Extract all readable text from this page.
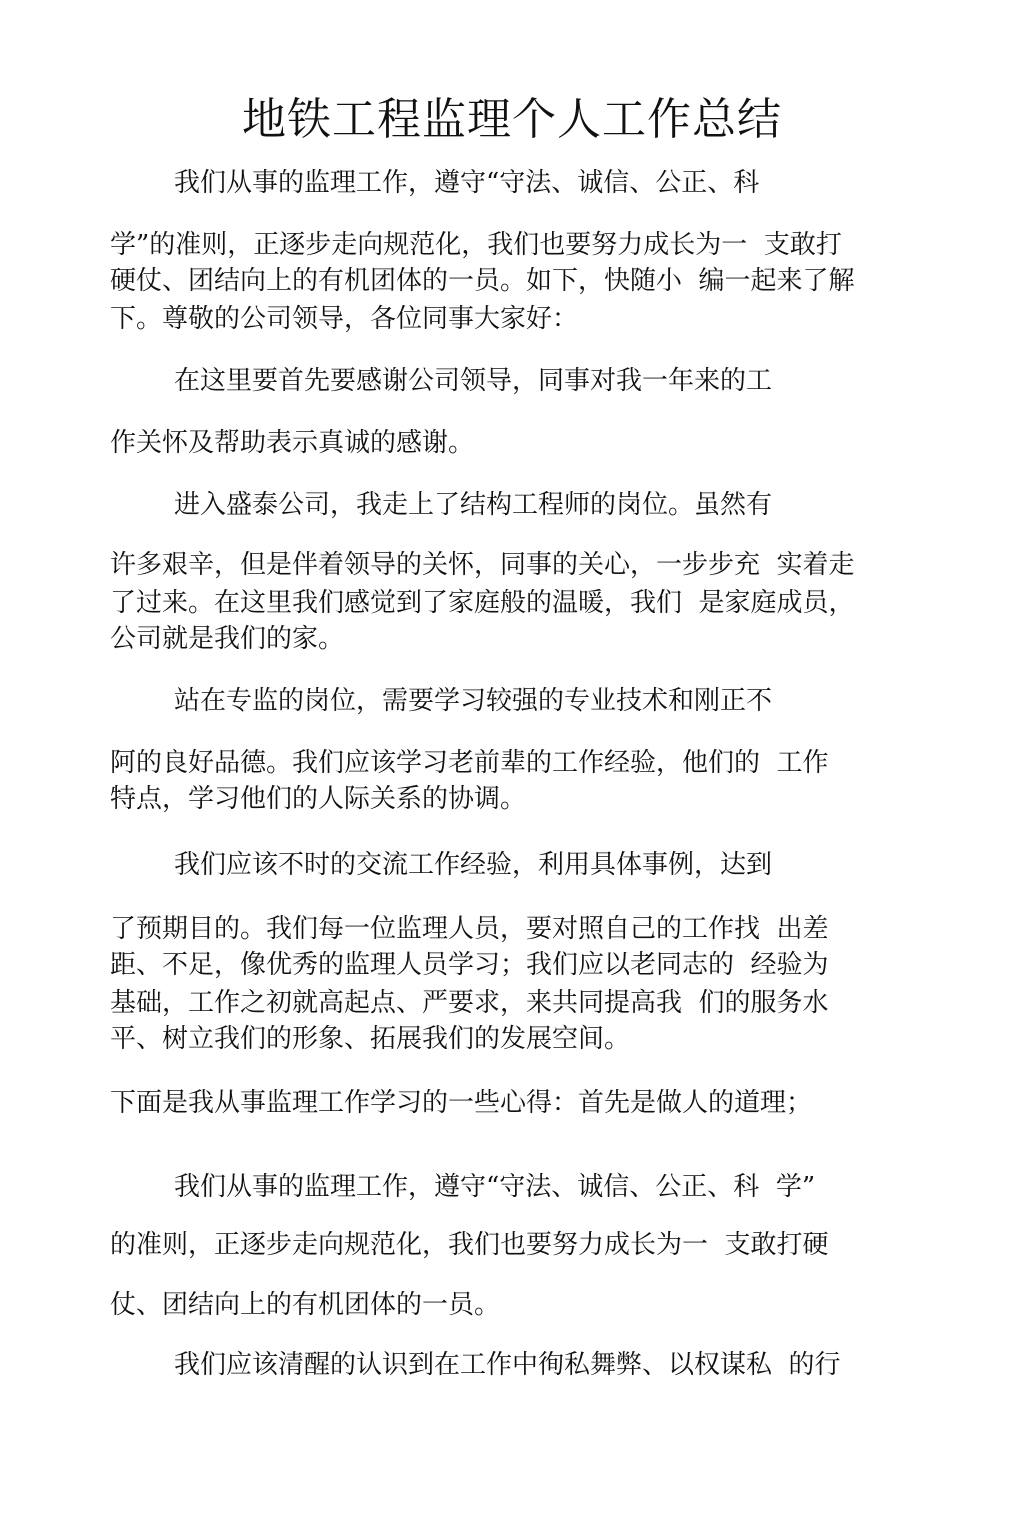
地铁工程监理个人工作总结

我们从事的监理工作，遵守“守法、诚信、公正、科

学”的准则，正逐步走向规范化，我们也要努力成长为一  支敢打

硬仗、团结向上的有机团体的一员。如下，快随小  编一起来了解

下。尊敬的公司领导，各位同事大家好：

在这里要首先要感谢公司领导，同事对我一年来的工

作关怀及帮助表示真诚的感谢。

进入盛泰公司，我走上了结构工程师的岗位。虽然有

许多艰辛，但是伴着领导的关怀，同事的关心，一步步充  实着走

了过来。在这里我们感觉到了家庭般的温暖，我们  是家庭成员，

公司就是我们的家。

站在专监的岗位，需要学习较强的专业技术和刚正不

阿的良好品德。我们应该学习老前辈的工作经验，他们的  工作

特点，学习他们的人际关系的协调。

我们应该不时的交流工作经验，利用具体事例，达到

了预期目的。我们每一位监理人员，要对照自己的工作找  出差

距、不足，像优秀的监理人员学习；我们应以老同志的  经验为

基础，工作之初就高起点、严要求，来共同提高我  们的服务水

平、树立我们的形象、拓展我们的发展空间。

下面是我从事监理工作学习的一些心得：首先是做人的道理；

我们从事的监理工作，遵守“守法、诚信、公正、科  学”

的准则，正逐步走向规范化，我们也要努力成长为一  支敢打硬

仗、团结向上的有机团体的一员。

我们应该清醒的认识到在工作中徇私舞弊、以权谋私  的行
